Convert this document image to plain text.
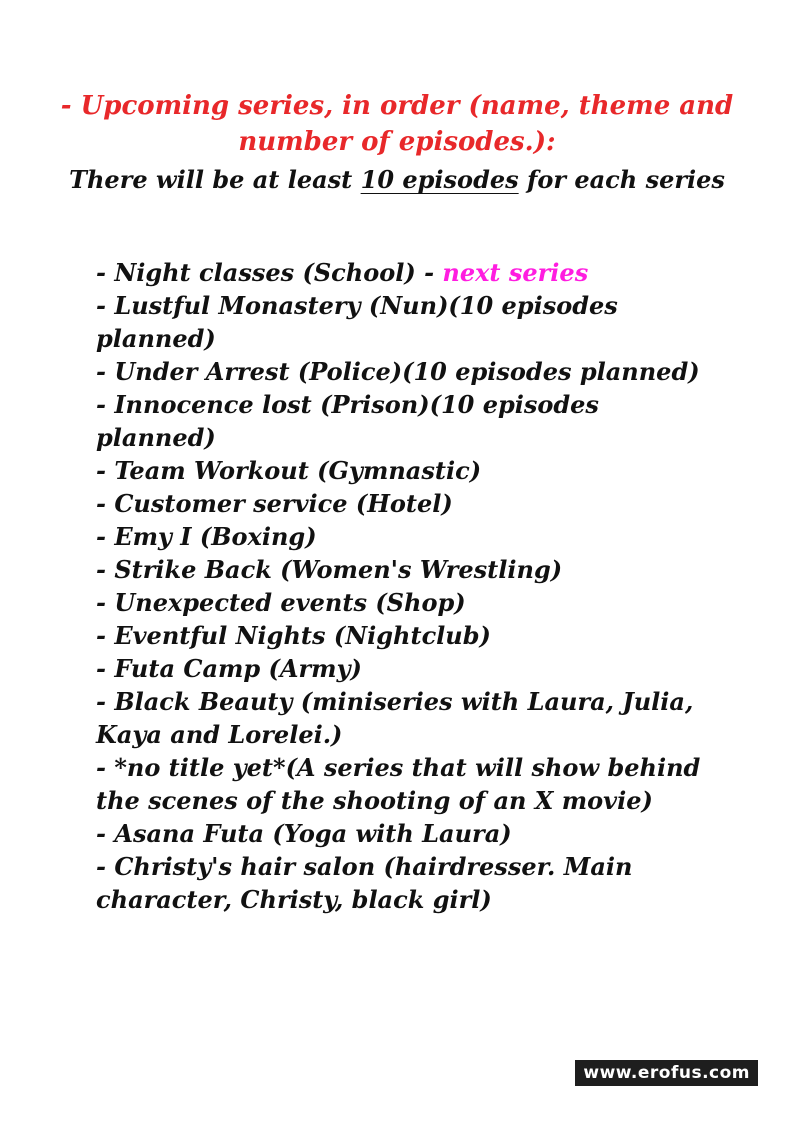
- Upcoming series, in order (name, theme and number of episodes.):

There will be at least 10 episodes for each series

- Night classes (School) - next series
- Lustful Monastery (Nun)(10 episodes planned)
- Under Arrest (Police)(10 episodes planned)
- Innocence lost (Prison)(10 episodes planned)
- Team Workout (Gymnastic)
- Customer service (Hotel)
- Emy I (Boxing)
- Strike Back (Women's Wrestling)
- Unexpected events (Shop)
- Eventful Nights (Nightclub)
- Futa Camp (Army)
- Black Beauty (miniseries with Laura, Julia, Kaya and Lorelei.)
- *no title yet*(A series that will show behind the scenes of the shooting of an X movie)
- Asana Futa (Yoga with Laura)
- Christy's hair salon (hairdresser. Main character, Christy, black girl)
www.erofus.com
